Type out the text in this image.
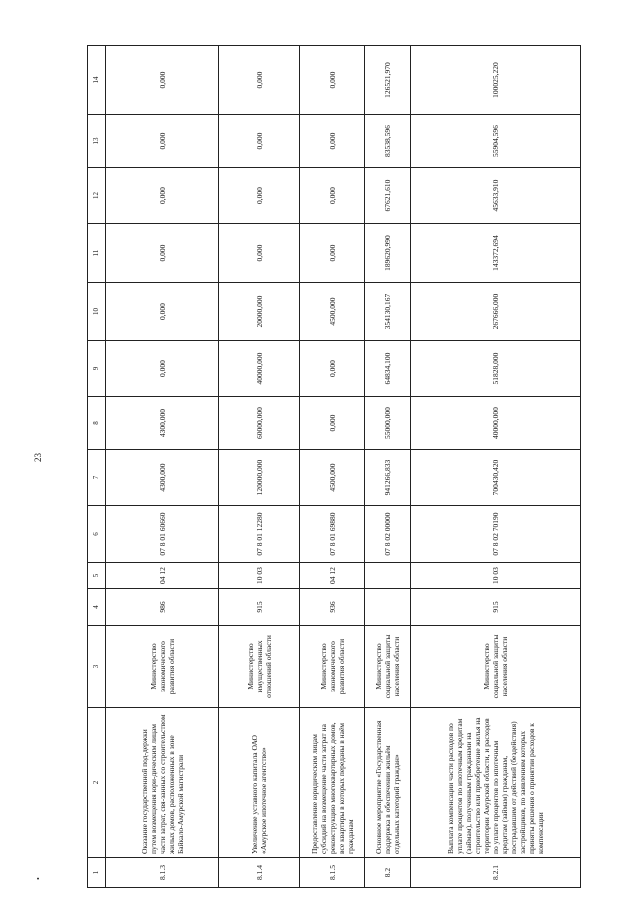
23
•
1	2	3	4	5	6	7	8	9	10	11	12	13	14
8.1.3	Оказание государственной под-держки путем возмещения юри-дическим лицам части затрат, свя-занных со строительством жилых домов, расположенных в зоне Байкало-Амурской магистрали	Министерство экономического развития области	986	04 12	07 8 01 60660	4300,000	4300,000	0,000	0,000	0,000	0,000	0,000	0,000
8.1.4	Увеличение уставного капитала ОАО «Амурское ипотечное агентство»	Министерство имущественных отношений области	915	10 03	07 8 01 12280	120000,000	60000,000	40000,000	20000,000	0,000	0,000	0,000	0,000
8.1.5	Предоставление юридическим лицам субсидий на возмещение части затрат на реконструкцию многоквартирных домов, все квартиры в которых переданы в наём гражданам	Министерство экономического развития области	936	04 12	07 8 01 69880	4500,000	0,000	0,000	4500,000	0,000	0,000	0,000	0,000
8.2	Основное мероприятие «Государственная поддержка в обеспечении жильём отдельных категорий граждан»	Министерство социальной защиты населения области			07 8 02 00000	941266,833	55000,000	64834,100	354130,167	189620,990	67621,610	83538,596	126521,970
8.2.1	Выплата компенсации части расходов по уплате процентов по ипотечным кредитам (займам), полученным гражданами на строительство или приобретение жилья на территории Амурской области, и расходов по уплате процентов по ипотечным кредитам (займам) гражданам, пострадавшим от действий (бездействия) застройщиков, по заявлениям которых приняты решения о принятии расходов к компенсации	Министерство социальной защиты населения области	915	10 03	07 8 02 70190	700430,420	40000,000	51828,000	267666,000	143372,694	45633,910	55904,596	100025,220
